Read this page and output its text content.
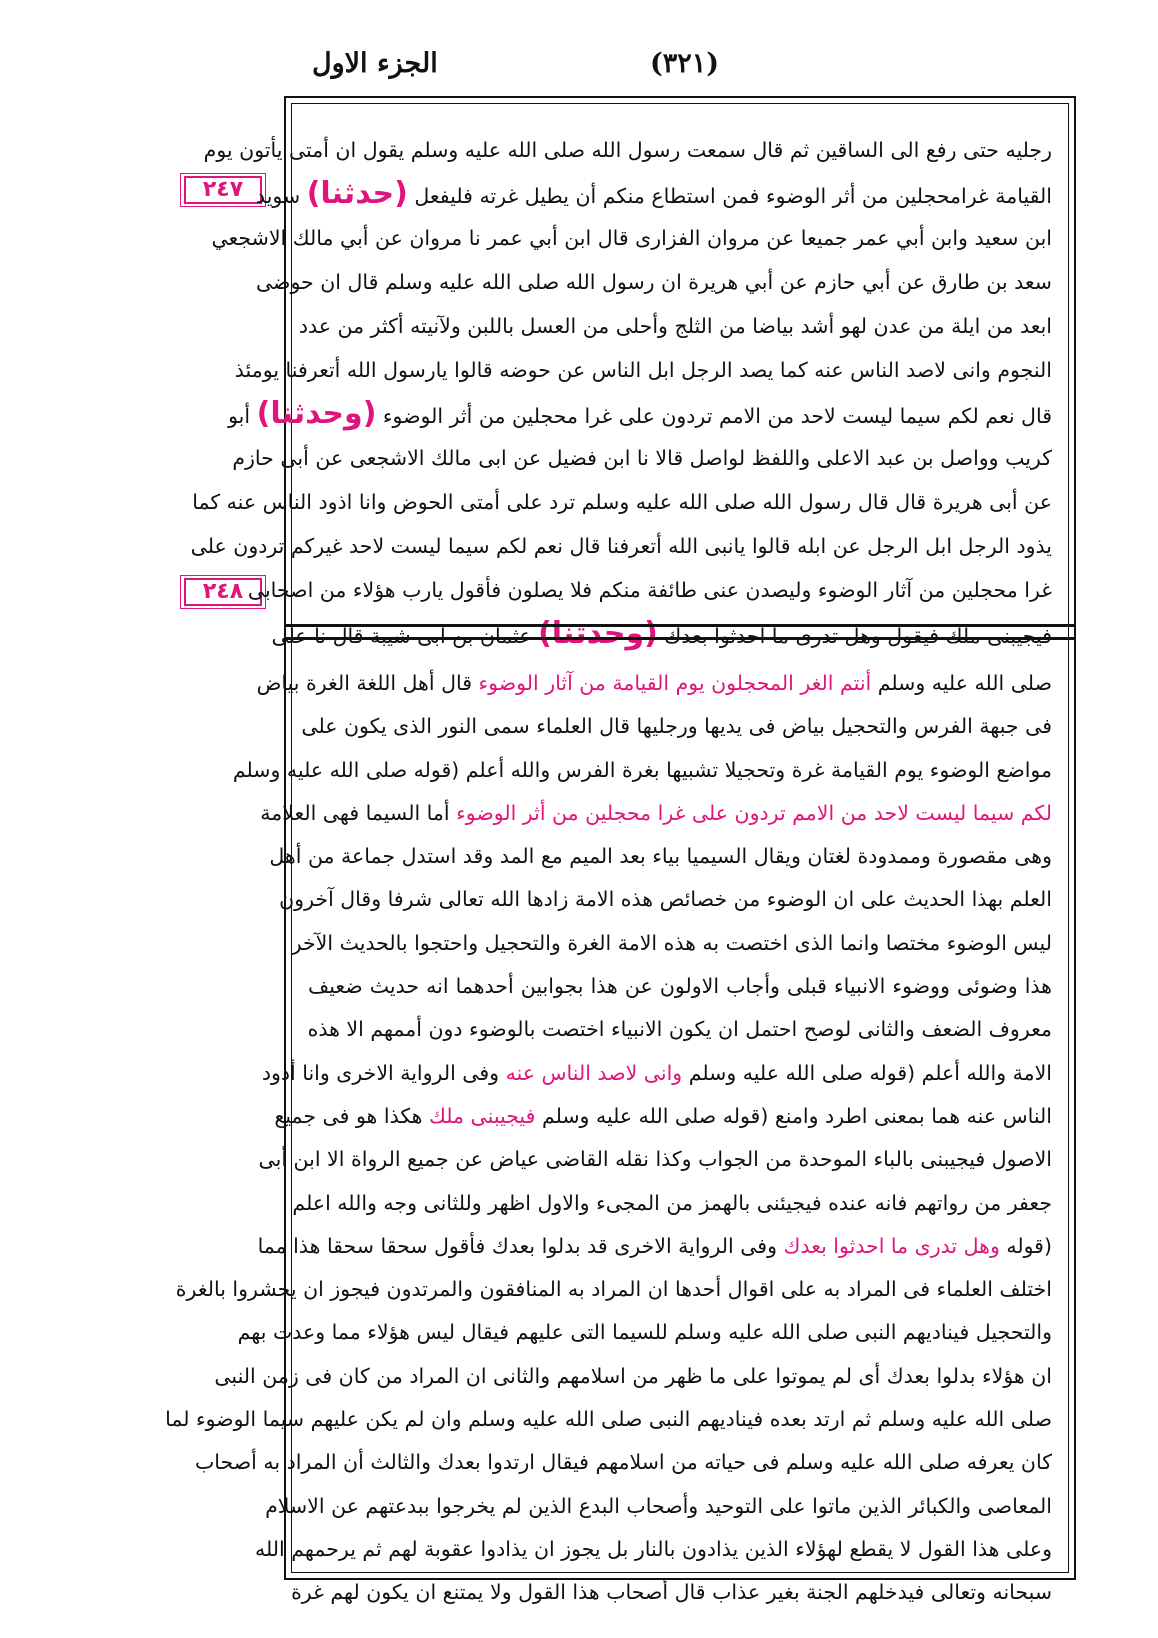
الجزء الاول	(٣٢١)
٢٤٧
٢٤٨
رجليه حتى رفع الى الساقين ثم قال سمعت رسول الله صلى الله عليه وسلم يقول ان أمتى يأتون يوم
القيامة غرامحجلين من أثر الوضوء فمن استطاع منكم أن يطيل غرته فليفعل (حدثنا) سويد
ابن سعيد وابن أبي عمر جميعا عن مروان الفزارى قال ابن أبي عمر نا مروان عن أبي مالك الاشجعي
سعد بن طارق عن أبي حازم عن أبي هريرة ان رسول الله صلى الله عليه وسلم قال ان حوضى
ابعد من ايلة من عدن لهو أشد بياضا من الثلج وأحلى من العسل باللبن ولآنيته أكثر من عدد
النجوم وانى لاصد الناس عنه كما يصد الرجل ابل الناس عن حوضه قالوا يارسول الله أتعرفنا يومئذ
قال نعم لكم سيما ليست لاحد من الامم تردون على غرا محجلين من أثر الوضوء (وحدثنا) أبو
كريب وواصل بن عبد الاعلى واللفظ لواصل قالا نا ابن فضيل عن ابى مالك الاشجعى عن أبى حازم
عن أبى هريرة قال قال رسول الله صلى الله عليه وسلم ترد على أمتى الحوض وانا اذود الناس عنه كما
يذود الرجل ابل الرجل عن ابله قالوا يانبى الله أتعرفنا قال نعم لكم سيما ليست لاحد غيركم تردون على
غرا محجلين من آثار الوضوء وليصدن عنى طائفة منكم فلا يصلون فأقول يارب هؤلاء من اصحابى
فيجيبنى ملك فيقول وهل تدرى ما احدثوا بعدك (وحدثنا) عثمان بن ابى شيبة قال نا على
صلى الله عليه وسلم أنتم الغر المحجلون يوم القيامة من آثار الوضوء قال أهل اللغة الغرة بياض
فى جبهة الفرس والتحجيل بياض فى يديها ورجليها قال العلماء سمى النور الذى يكون على
مواضع الوضوء يوم القيامة غرة وتحجيلا تشبيها بغرة الفرس والله أعلم (قوله صلى الله عليه وسلم
لكم سيما ليست لاحد من الامم تردون على غرا محجلين من أثر الوضوء أما السيما فهى العلامة
وهى مقصورة وممدودة لغتان ويقال السيميا بياء بعد الميم مع المد وقد استدل جماعة من أهل
العلم بهذا الحديث على ان الوضوء من خصائص هذه الامة زادها الله تعالى شرفا وقال آخرون
ليس الوضوء مختصا وانما الذى اختصت به هذه الامة الغرة والتحجيل واحتجوا بالحديث الآخر
هذا وضوئى ووضوء الانبياء قبلى وأجاب الاولون عن هذا بجوابين أحدهما انه حديث ضعيف
معروف الضعف والثانى لوصح احتمل ان يكون الانبياء اختصت بالوضوء دون أممهم الا هذه
الامة والله أعلم (قوله صلى الله عليه وسلم وانى لاصد الناس عنه وفى الرواية الاخرى وانا أذود
الناس عنه هما بمعنى اطرد وامنع (قوله صلى الله عليه وسلم فيجيبنى ملك هكذا هو فى جميع
الاصول فيجيبنى بالباء الموحدة من الجواب وكذا نقله القاضى عياض عن جميع الرواة الا ابن أبى
جعفر من رواتهم فانه عنده فيجيئنى بالهمز من المجىء والاول اظهر وللثانى وجه والله اعلم
(قوله وهل تدرى ما احدثوا بعدك وفى الرواية الاخرى قد بدلوا بعدك فأقول سحقا سحقا هذا مما
اختلف العلماء فى المراد به على اقوال أحدها ان المراد به المنافقون والمرتدون فيجوز ان يحشروا بالغرة
والتحجيل فيناديهم النبى صلى الله عليه وسلم للسيما التى عليهم فيقال ليس هؤلاء مما وعدت بهم
ان هؤلاء بدلوا بعدك أى لم يموتوا على ما ظهر من اسلامهم والثانى ان المراد من كان فى زمن النبى
صلى الله عليه وسلم ثم ارتد بعده فيناديهم النبى صلى الله عليه وسلم وان لم يكن عليهم سيما الوضوء لما
كان يعرفه صلى الله عليه وسلم فى حياته من اسلامهم فيقال ارتدوا بعدك والثالث أن المراد به أصحاب
المعاصى والكبائر الذين ماتوا على التوحيد وأصحاب البدع الذين لم يخرجوا ببدعتهم عن الاسلام
وعلى هذا القول لا يقطع لهؤلاء الذين يذادون بالنار بل يجوز ان يذادوا عقوبة لهم ثم يرحمهم الله
سبحانه وتعالى فيدخلهم الجنة بغير عذاب قال أصحاب هذا القول ولا يمتنع ان يكون لهم غرة
